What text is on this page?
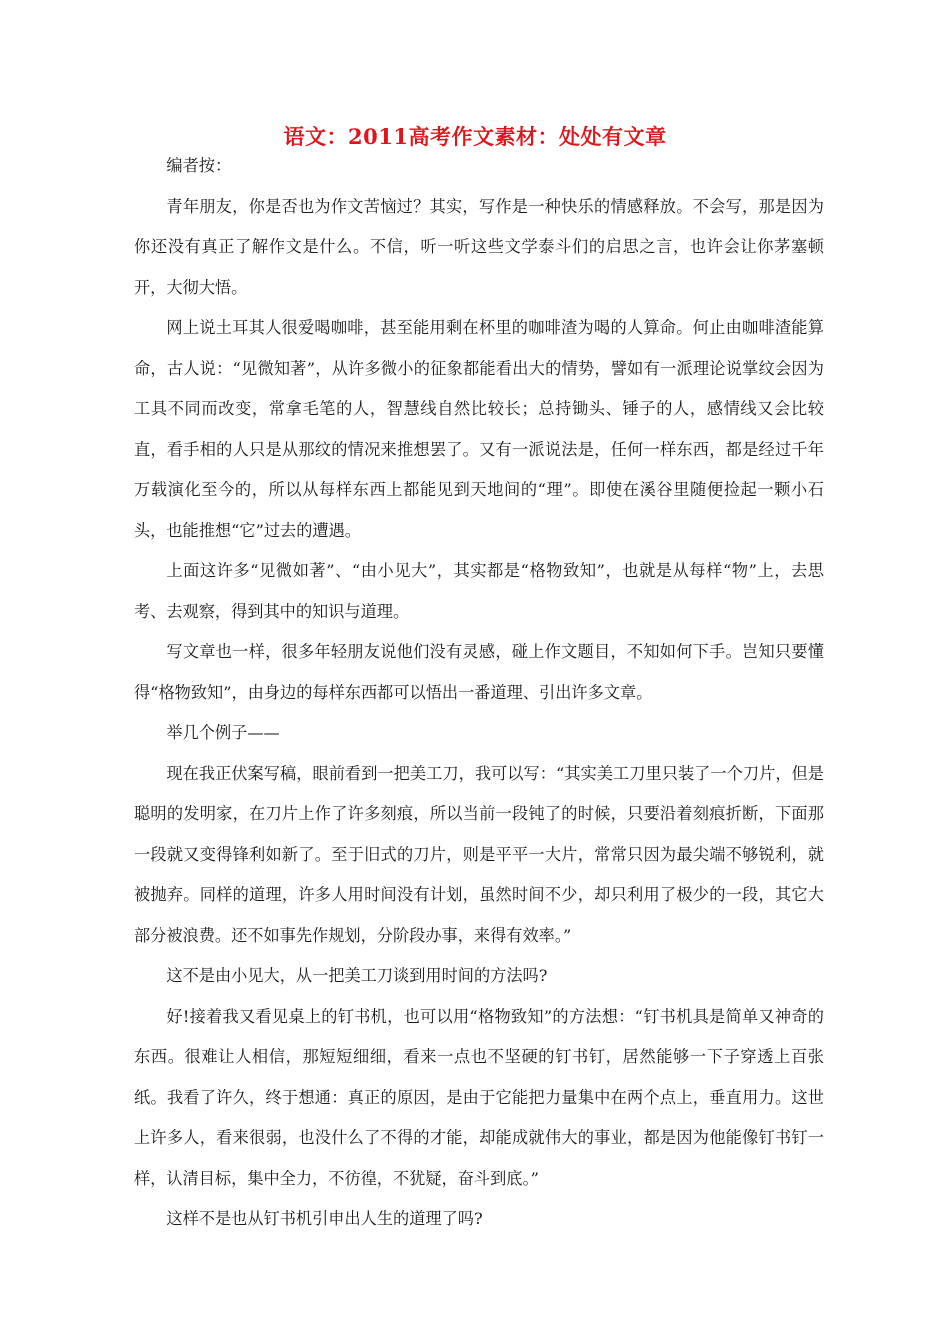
语文：2011高考作文素材：处处有文章

编者按：

青年朋友，你是否也为作文苦恼过？其实，写作是一种快乐的情感释放。不会写，那是因为你还没有真正了解作文是什么。不信，听一听这些文学泰斗们的启思之言，也许会让你茅塞顿开，大彻大悟。

网上说土耳其人很爱喝咖啡，甚至能用剩在杯里的咖啡渣为喝的人算命。何止由咖啡渣能算命，古人说：“见微知著”，从许多微小的征象都能看出大的情势，譬如有一派理论说掌纹会因为工具不同而改变，常拿毛笔的人，智慧线自然比较长；总持锄头、锤子的人，感情线又会比较直，看手相的人只是从那纹的情况来推想罢了。又有一派说法是，任何一样东西，都是经过千年万载演化至今的，所以从每样东西上都能见到天地间的“理”。即使在溪谷里随便捡起一颗小石头，也能推想“它”过去的遭遇。

上面这许多“见微如著”、“由小见大”，其实都是“格物致知”，也就是从每样“物”上，去思考、去观察，得到其中的知识与道理。

写文章也一样，很多年轻朋友说他们没有灵感，碰上作文题目，不知如何下手。岂知只要懂得“格物致知”，由身边的每样东西都可以悟出一番道理、引出许多文章。

举几个例子——

现在我正伏案写稿，眼前看到一把美工刀，我可以写：“其实美工刀里只装了一个刀片，但是聪明的发明家，在刀片上作了许多刻痕，所以当前一段钝了的时候，只要沿着刻痕折断，下面那一段就又变得锋利如新了。至于旧式的刀片，则是平平一大片，常常只因为最尖端不够锐利，就被抛弃。同样的道理，许多人用时间没有计划，虽然时间不少，却只利用了极少的一段，其它大部分被浪费。还不如事先作规划，分阶段办事，来得有效率。”

这不是由小见大，从一把美工刀谈到用时间的方法吗?

好!接着我又看见桌上的钉书机，也可以用“格物致知”的方法想：“钉书机具是简单又神奇的东西。很难让人相信，那短短细细，看来一点也不坚硬的钉书钉，居然能够一下子穿透上百张纸。我看了许久，终于想通：真正的原因，是由于它能把力量集中在两个点上，垂直用力。这世上许多人，看来很弱，也没什么了不得的才能，却能成就伟大的事业，都是因为他能像钉书钉一样，认清目标，集中全力，不彷徨，不犹疑，奋斗到底。”

这样不是也从钉书机引申出人生的道理了吗?
